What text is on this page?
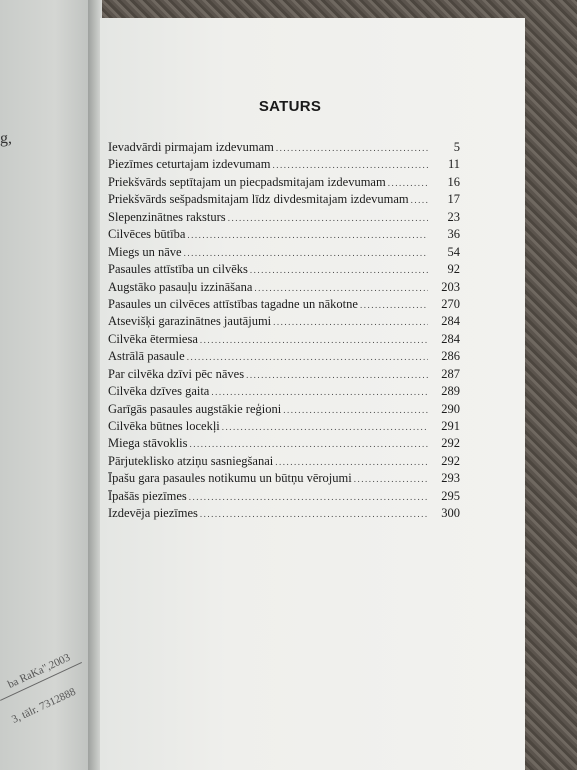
g,
ba RaKa",2003
3, tālr. 7312888
SATURS
Ievadvārdi pirmajam izdevumam .....	5
Piezīmes ceturtajam izdevumam .....	11
Priekšvārds septītajam un piecpadsmitajam izdevumam .....	16
Priekšvārds sešpadsmitajam līdz divdesmitajam izdevumam .....	17
Slepenzinātnes raksturs .....	23
Cilvēces būtība .....	36
Miegs un nāve .....	54
Pasaules attīstība un cilvēks .....	92
Augstāko pasauļu izzināšana .....	203
Pasaules un cilvēces attīstības tagadne un nākotne .....	270
Atsevišķi garazinātnes jautājumi .....	284
Cilvēka ētermiesa .....	284
Astrālā pasaule .....	286
Par cilvēka dzīvi pēc nāves .....	287
Cilvēka dzīves gaita .....	289
Garīgās pasaules augstākie reģioni .....	290
Cilvēka būtnes locekļi .....	291
Miega stāvoklis .....	292
Pārjuteklisko atziņu sasniegšanai .....	292
Īpašu gara pasaules notikumu un būtņu vērojumi .....	293
Īpašās piezīmes .....	295
Izdevēja piezīmes .....	300
